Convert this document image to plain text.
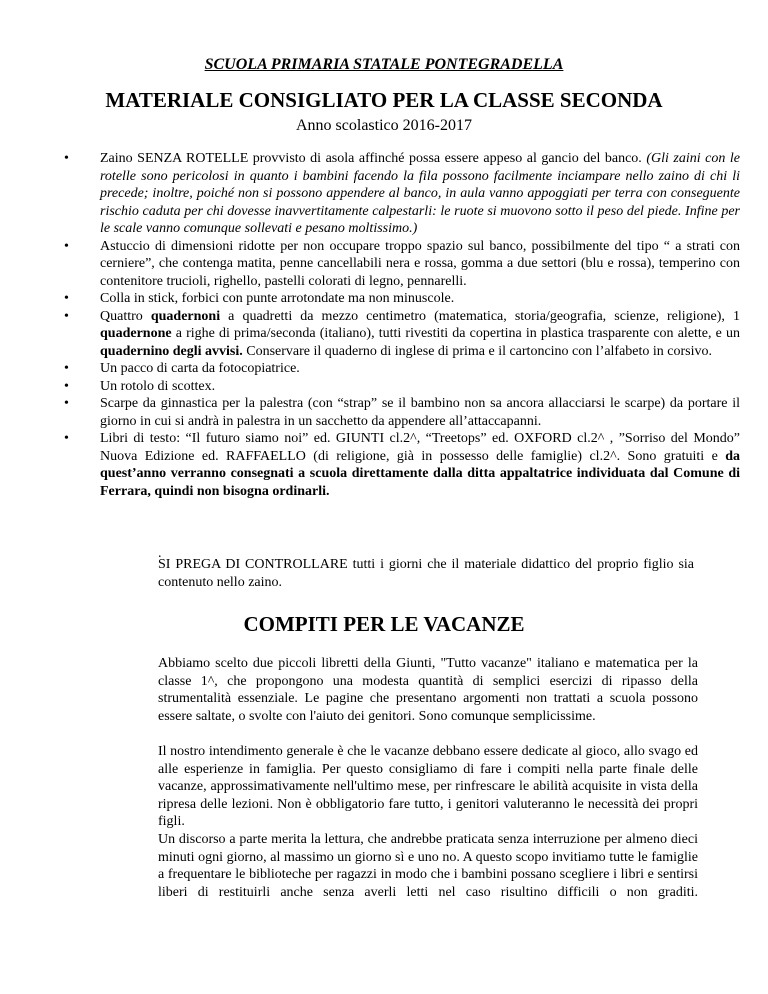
SCUOLA PRIMARIA STATALE PONTEGRADELLA
MATERIALE CONSIGLIATO PER LA CLASSE SECONDA
Anno scolastico 2016-2017
• Zaino SENZA ROTELLE provvisto di asola affinché possa essere appeso al gancio del banco. (Gli zaini con le rotelle sono pericolosi in quanto i bambini facendo la fila possono facilmente inciampare nello zaino di chi li precede; inoltre, poiché non si possono appendere al banco, in aula vanno appoggiati per terra con conseguente rischio caduta per chi dovesse inavvertitamente calpestarli: le ruote si muovono sotto il peso del piede. Infine per le scale vanno comunque sollevati e pesano moltissimo.)
• Astuccio di dimensioni ridotte per non occupare troppo spazio sul banco, possibilmente del tipo “ a strati con cerniere”, che contenga matita, penne cancellabili nera e rossa, gomma a due settori (blu e rossa), temperino con contenitore trucioli, righello, pastelli colorati di legno, pennarelli.
• Colla in stick, forbici con punte arrotondate ma non minuscole.
• Quattro quadernoni a quadretti da mezzo centimetro (matematica, storia/geografia, scienze, religione), 1 quadernone a righe di prima/seconda (italiano), tutti rivestiti da copertina in plastica trasparente con alette, e un quadernino degli avvisi. Conservare il quaderno di inglese di prima e il cartoncino con l’alfabeto in corsivo.
• Un pacco di carta da fotocopiatrice.
• Un rotolo di scottex.
• Scarpe da ginnastica per la palestra (con “strap” se il bambino non sa ancora allacciarsi le scarpe) da portare il giorno in cui si andrà in palestra in un sacchetto da appendere all’attaccapanni.
• Libri di testo: “Il futuro siamo noi” ed. GIUNTI cl.2^, “Treetops” ed. OXFORD cl.2^ , ”Sorriso del Mondo” Nuova Edizione ed. RAFFAELLO (di religione, già in possesso delle famiglie) cl.2^. Sono gratuiti e da quest’anno verranno consegnati a scuola direttamente dalla ditta appaltatrice individuata dal Comune di Ferrara, quindi non bisogna ordinarli.
.
SI PREGA DI CONTROLLARE tutti i giorni che il materiale didattico del proprio figlio sia
contenuto nello zaino.
COMPITI PER LE VACANZE

Abbiamo scelto due piccoli libretti della Giunti, "Tutto vacanze" italiano e matematica per la classe 1^, che propongono una modesta quantità di semplici esercizi di ripasso della strumentalità essenziale. Le pagine che presentano argomenti non trattati a scuola possono essere saltate, o svolte con l'aiuto dei genitori. Sono comunque semplicissime.

Il nostro intendimento generale è che le vacanze debbano essere dedicate al gioco, allo svago ed alle esperienze in famiglia. Per questo consigliamo di fare i compiti nella parte finale delle vacanze, approssimativamente nell'ultimo mese, per rinfrescare le abilità acquisite in vista della ripresa delle lezioni. Non è obbligatorio fare tutto, i genitori valuteranno le necessità dei propri figli.

Un discorso a parte merita la lettura, che andrebbe praticata senza interruzione per almeno dieci minuti ogni giorno, al massimo un giorno sì e uno no. A questo scopo invitiamo tutte le famiglie a frequentare le biblioteche per ragazzi in modo che i bambini possano scegliere i libri e sentirsi liberi di restituirli anche senza averli letti nel caso risultino difficili o non graditi.
